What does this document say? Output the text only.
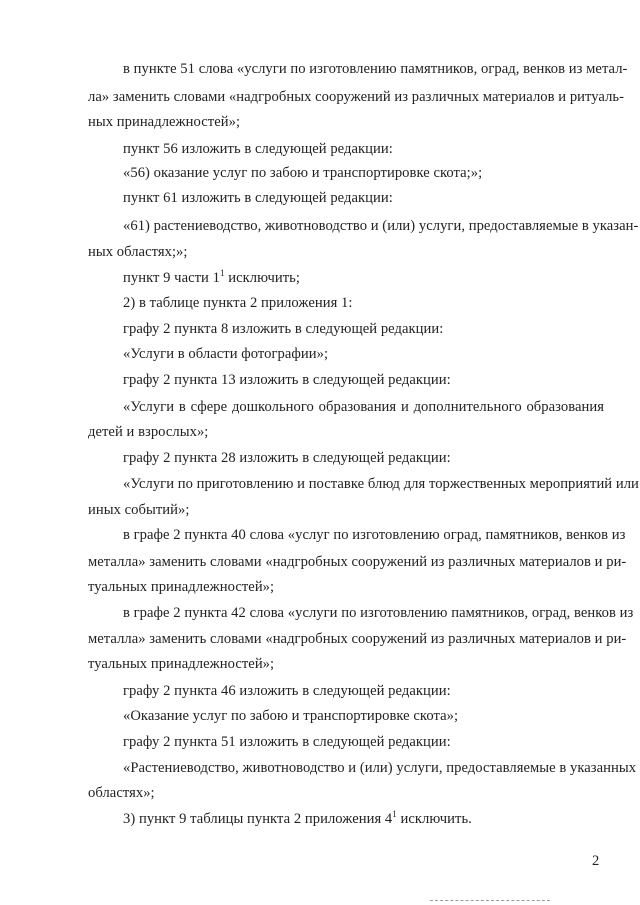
в пункте 51 слова «услуги по изготовлению памятников, оград, венков из метал-
ла» заменить словами «надгробных сооружений из различных материалов и ритуаль-
ных принадлежностей»;
пункт 56 изложить в следующей редакции:
«56) оказание услуг по забою и транспортировке скота;»;
пункт 61 изложить в следующей редакции:
«61) растениеводство, животноводство и (или) услуги, предоставляемые в указан-
ных областях;»;
пункт 9 части $1^1$ исключить;
2) в таблице пункта 2 приложения 1:
графу 2 пункта 8 изложить в следующей редакции:
«Услуги в области фотографии»;
графу 2 пункта 13 изложить в следующей редакции:
«Услуги в сфере дошкольного образования и дополнительного образования
детей и взрослых»;
графу 2 пункта 28 изложить в следующей редакции:
«Услуги по приготовлению и поставке блюд для торжественных мероприятий или
иных событий»;
в графе 2 пункта 40 слова «услуг по изготовлению оград, памятников, венков из
металла» заменить словами «надгробных сооружений из различных материалов и ри-
туальных принадлежностей»;
в графе 2 пункта 42 слова «услуги по изготовлению памятников, оград, венков из
металла» заменить словами «надгробных сооружений из различных материалов и ри-
туальных принадлежностей»;
графу 2 пункта 46 изложить в следующей редакции:
«Оказание услуг по забою и транспортировке скота»;
графу 2 пункта 51 изложить в следующей редакции:
«Растениеводство, животноводство и (или) услуги, предоставляемые в указанных
областях»;
3) пункт 9 таблицы пункта 2 приложения $4^1$ исключить.
2
